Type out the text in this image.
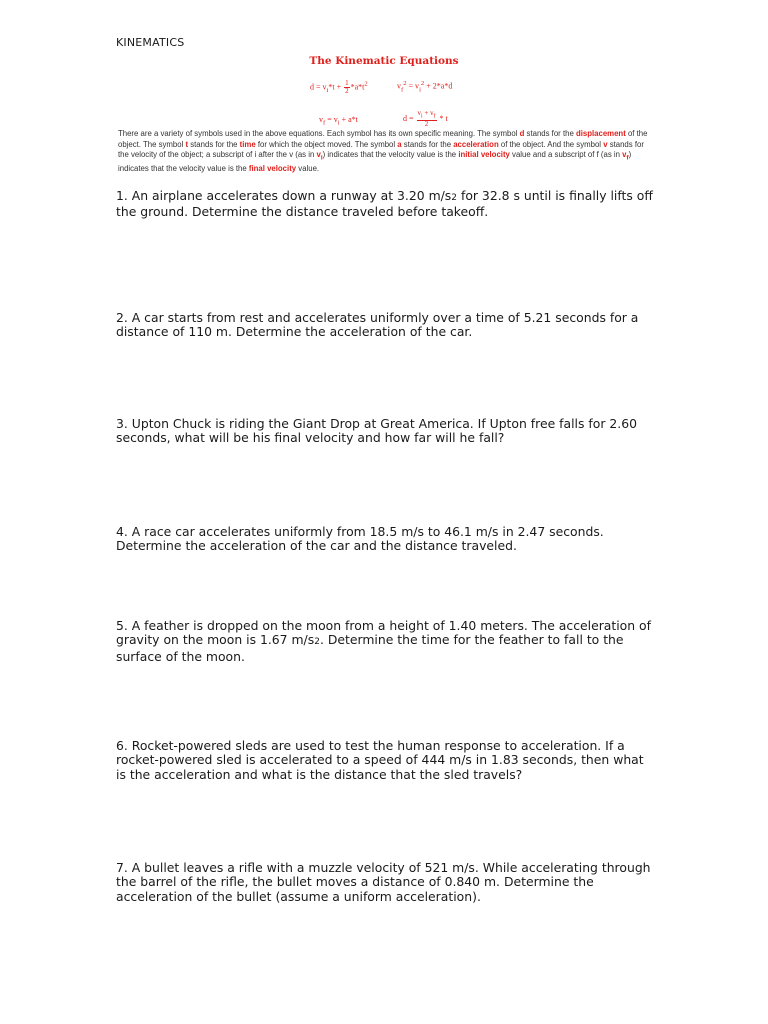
KINEMATICS
The Kinematic Equations
$d = v_i*t + \frac{1}{2} *a*t^2$	$v_f^2 = v_i^2 + 2*a*d$
$v_f = v_i + a*t$	$d = \frac{v_i + v_f}{2} * t$
There are a variety of symbols used in the above equations. Each symbol has its own specific meaning. The symbol d stands for the displacement of the object. The symbol t stands for the time for which the object moved. The symbol a stands for the acceleration of the object. And the symbol v stands for the velocity of the object; a subscript of i after the v (as in $v_i$) indicates that the velocity value is the initial velocity value and a subscript of f (as in $v_f$) indicates that the velocity value is the final velocity value.
1. An airplane accelerates down a runway at 3.20 m/s2 for 32.8 s until is finally lifts off the ground. Determine the distance traveled before takeoff.
2. A car starts from rest and accelerates uniformly over a time of 5.21 seconds for a distance of 110 m. Determine the acceleration of the car.
3. Upton Chuck is riding the Giant Drop at Great America. If Upton free falls for 2.60 seconds, what will be his final velocity and how far will he fall?
4. A race car accelerates uniformly from 18.5 m/s to 46.1 m/s in 2.47 seconds. Determine the acceleration of the car and the distance traveled.
5. A feather is dropped on the moon from a height of 1.40 meters. The acceleration of gravity on the moon is 1.67 m/s2. Determine the time for the feather to fall to the surface of the moon.
6. Rocket-powered sleds are used to test the human response to acceleration. If a rocket-powered sled is accelerated to a speed of 444 m/s in 1.83 seconds, then what is the acceleration and what is the distance that the sled travels?
7. A bullet leaves a rifle with a muzzle velocity of 521 m/s. While accelerating through the barrel of the rifle, the bullet moves a distance of 0.840 m. Determine the acceleration of the bullet (assume a uniform acceleration).
